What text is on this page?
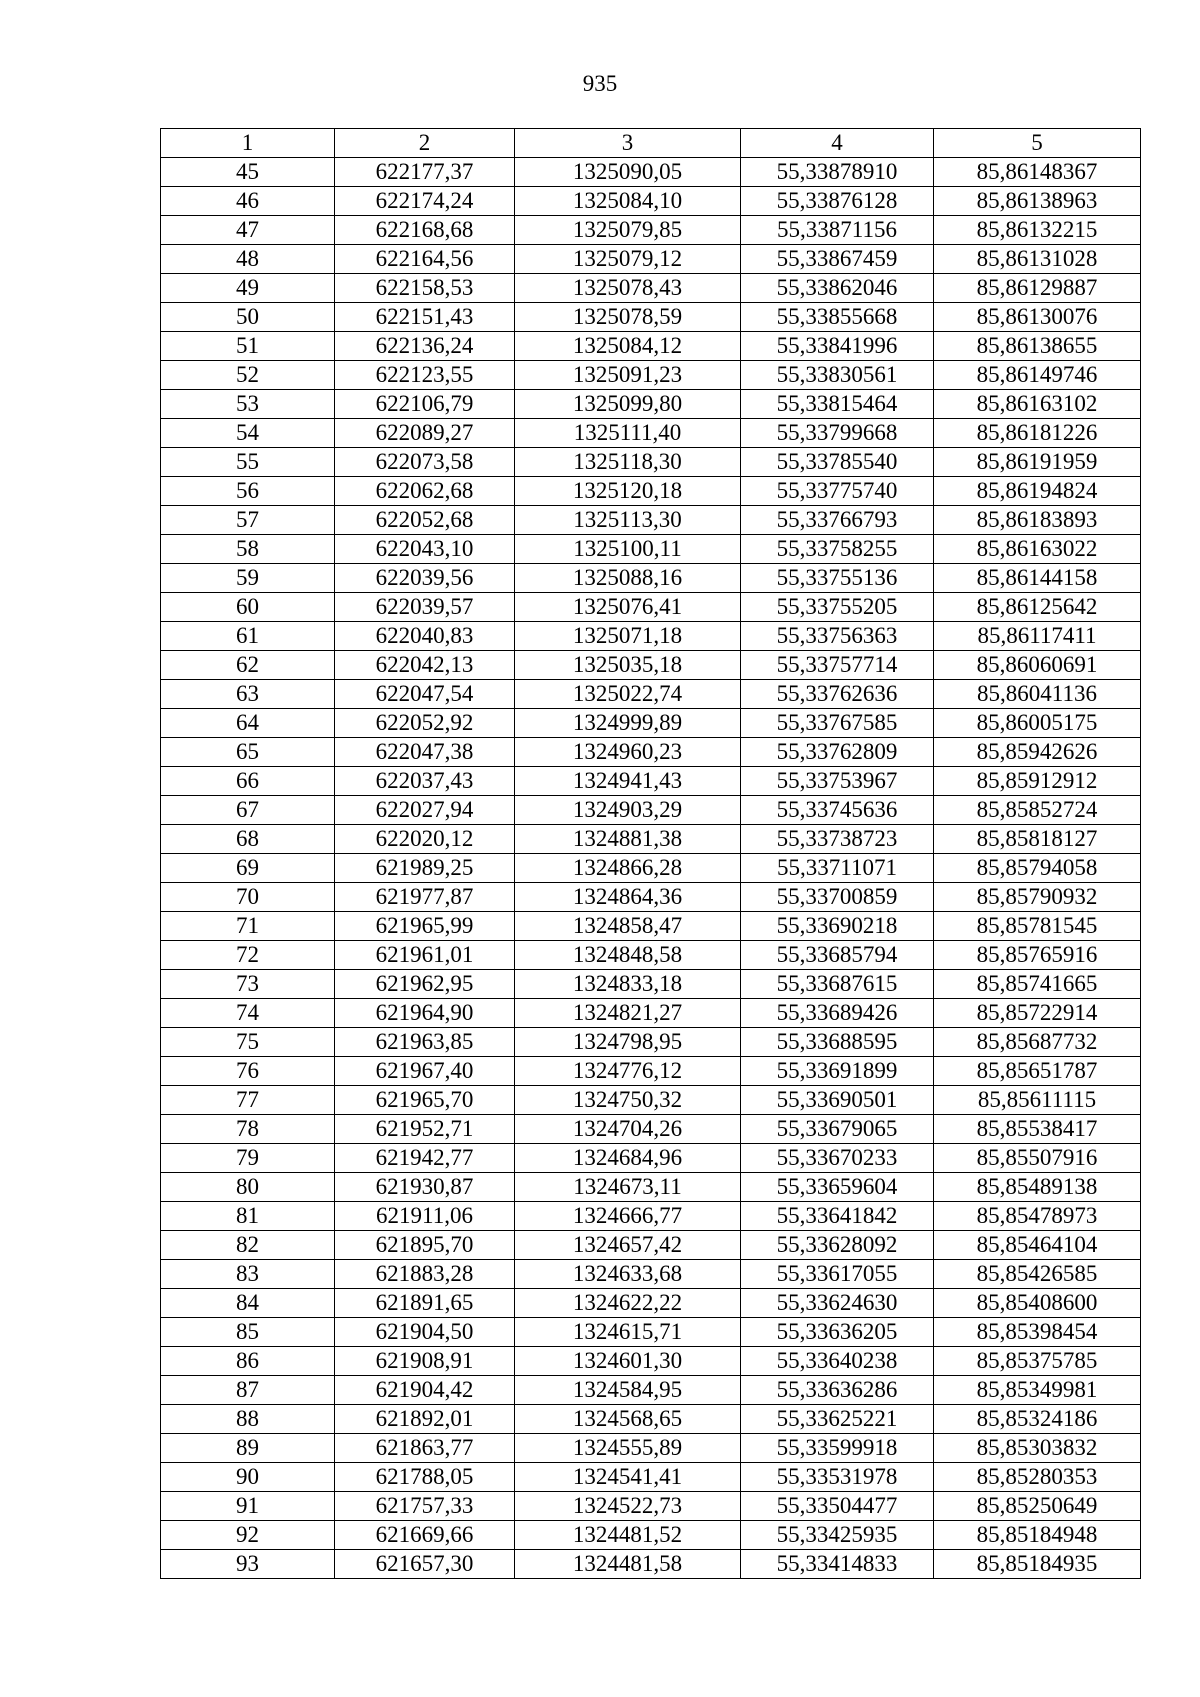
935
1	2	3	4	5
45	622177,37	1325090,05	55,33878910	85,86148367
46	622174,24	1325084,10	55,33876128	85,86138963
47	622168,68	1325079,85	55,33871156	85,86132215
48	622164,56	1325079,12	55,33867459	85,86131028
49	622158,53	1325078,43	55,33862046	85,86129887
50	622151,43	1325078,59	55,33855668	85,86130076
51	622136,24	1325084,12	55,33841996	85,86138655
52	622123,55	1325091,23	55,33830561	85,86149746
53	622106,79	1325099,80	55,33815464	85,86163102
54	622089,27	1325111,40	55,33799668	85,86181226
55	622073,58	1325118,30	55,33785540	85,86191959
56	622062,68	1325120,18	55,33775740	85,86194824
57	622052,68	1325113,30	55,33766793	85,86183893
58	622043,10	1325100,11	55,33758255	85,86163022
59	622039,56	1325088,16	55,33755136	85,86144158
60	622039,57	1325076,41	55,33755205	85,86125642
61	622040,83	1325071,18	55,33756363	85,86117411
62	622042,13	1325035,18	55,33757714	85,86060691
63	622047,54	1325022,74	55,33762636	85,86041136
64	622052,92	1324999,89	55,33767585	85,86005175
65	622047,38	1324960,23	55,33762809	85,85942626
66	622037,43	1324941,43	55,33753967	85,85912912
67	622027,94	1324903,29	55,33745636	85,85852724
68	622020,12	1324881,38	55,33738723	85,85818127
69	621989,25	1324866,28	55,33711071	85,85794058
70	621977,87	1324864,36	55,33700859	85,85790932
71	621965,99	1324858,47	55,33690218	85,85781545
72	621961,01	1324848,58	55,33685794	85,85765916
73	621962,95	1324833,18	55,33687615	85,85741665
74	621964,90	1324821,27	55,33689426	85,85722914
75	621963,85	1324798,95	55,33688595	85,85687732
76	621967,40	1324776,12	55,33691899	85,85651787
77	621965,70	1324750,32	55,33690501	85,85611115
78	621952,71	1324704,26	55,33679065	85,85538417
79	621942,77	1324684,96	55,33670233	85,85507916
80	621930,87	1324673,11	55,33659604	85,85489138
81	621911,06	1324666,77	55,33641842	85,85478973
82	621895,70	1324657,42	55,33628092	85,85464104
83	621883,28	1324633,68	55,33617055	85,85426585
84	621891,65	1324622,22	55,33624630	85,85408600
85	621904,50	1324615,71	55,33636205	85,85398454
86	621908,91	1324601,30	55,33640238	85,85375785
87	621904,42	1324584,95	55,33636286	85,85349981
88	621892,01	1324568,65	55,33625221	85,85324186
89	621863,77	1324555,89	55,33599918	85,85303832
90	621788,05	1324541,41	55,33531978	85,85280353
91	621757,33	1324522,73	55,33504477	85,85250649
92	621669,66	1324481,52	55,33425935	85,85184948
93	621657,30	1324481,58	55,33414833	85,85184935
